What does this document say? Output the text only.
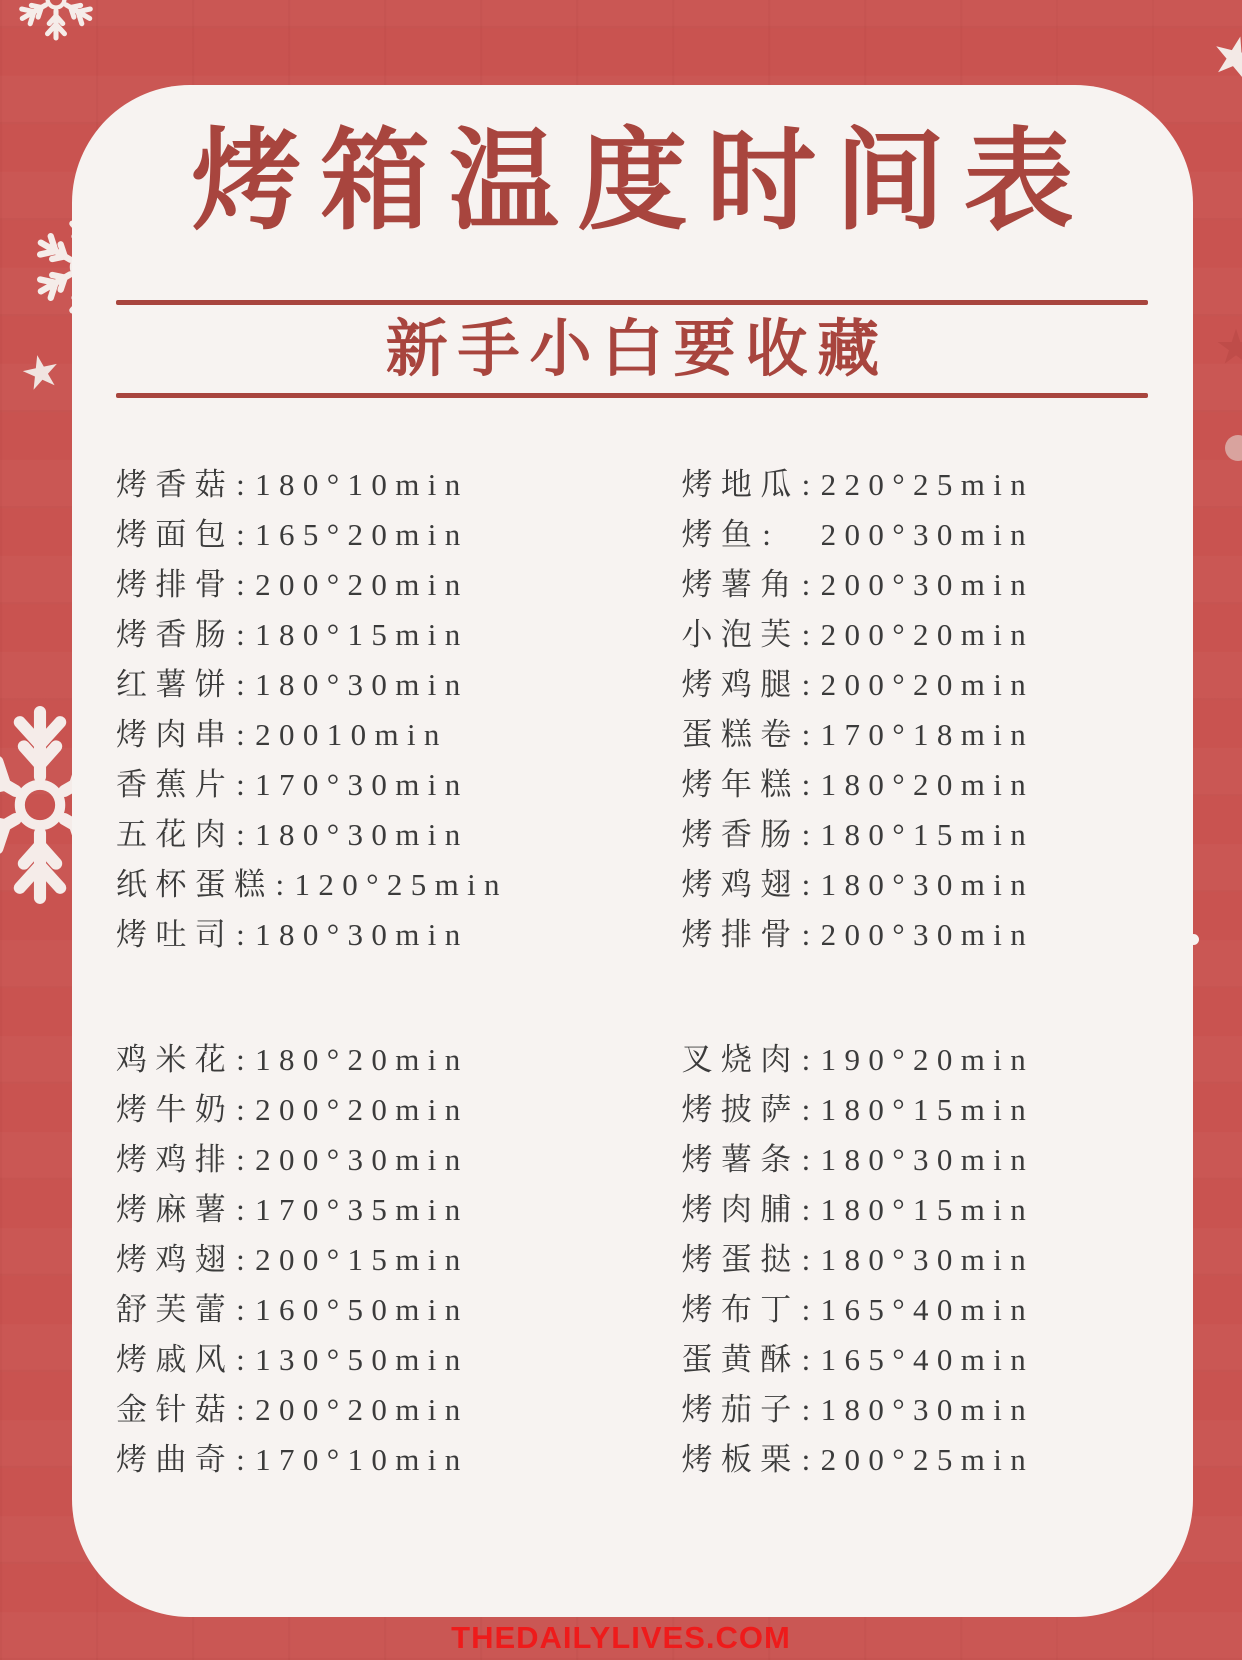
烤箱温度时间表
新手小白要收藏
烤香菇:180°10min
烤面包:165°20min
烤排骨:200°20min
烤香肠:180°15min
红薯饼:180°30min
烤肉串:20010min
香蕉片:170°30min
五花肉:180°30min
纸杯蛋糕:120°25min
烤吐司:180°30min
烤地瓜:220°25min
烤鱼:　200°30min
烤薯角:200°30min
小泡芙:200°20min
烤鸡腿:200°20min
蛋糕卷:170°18min
烤年糕:180°20min
烤香肠:180°15min
烤鸡翅:180°30min
烤排骨:200°30min
鸡米花:180°20min
烤牛奶:200°20min
烤鸡排:200°30min
烤麻薯:170°35min
烤鸡翅:200°15min
舒芙蕾:160°50min
烤戚风:130°50min
金针菇:200°20min
烤曲奇:170°10min
叉烧肉:190°20min
烤披萨:180°15min
烤薯条:180°30min
烤肉脯:180°15min
烤蛋挞:180°30min
烤布丁:165°40min
蛋黄酥:165°40min
烤茄子:180°30min
烤板栗:200°25min
THEDAILYLIVES.COM
